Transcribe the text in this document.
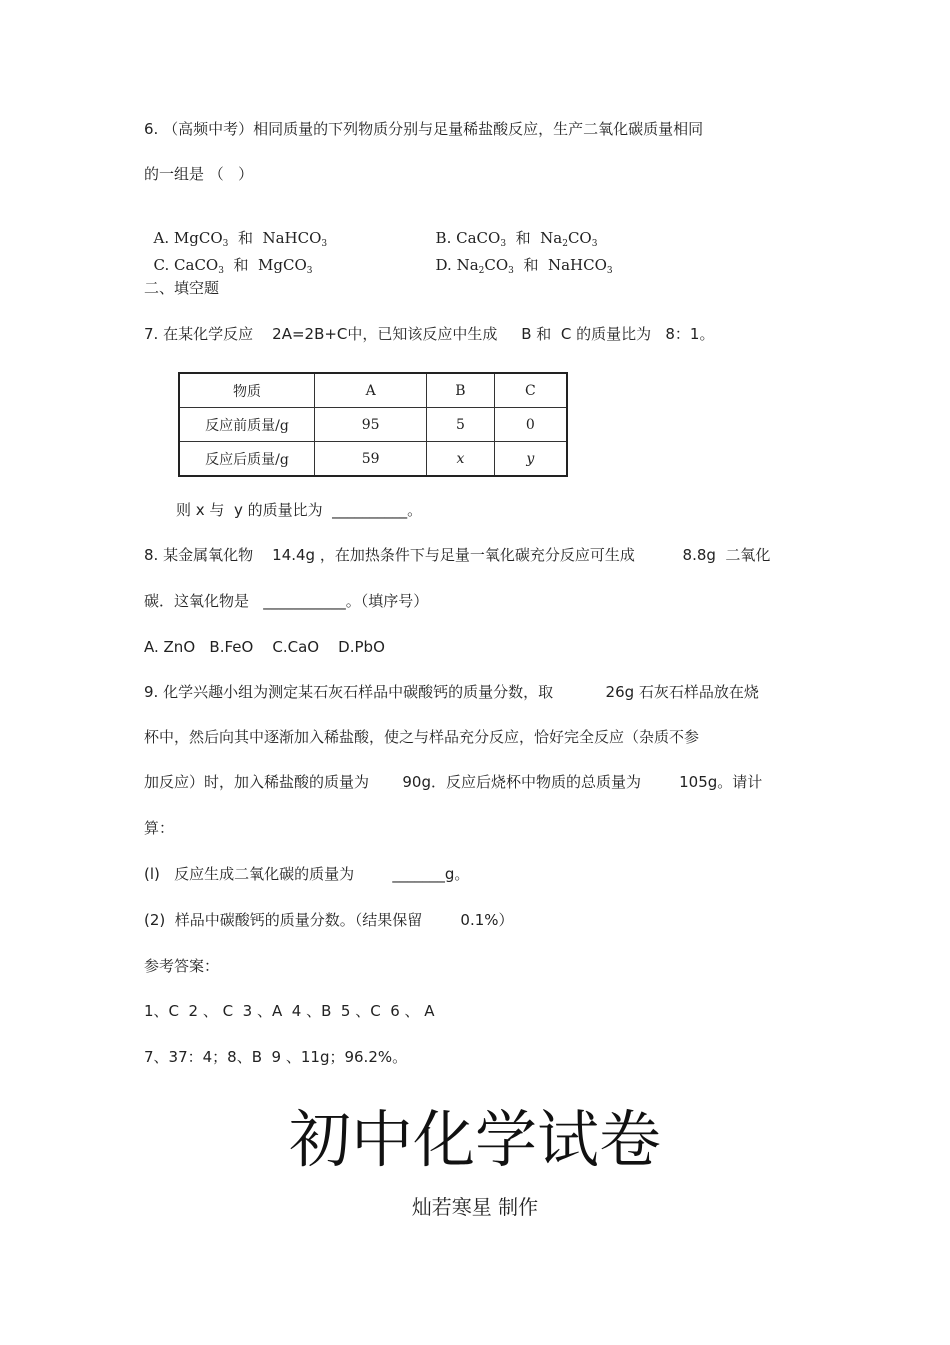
6. （高频中考）相同质量的下列物质分别与足量稀盐酸反应，生产二氧化碳质量相同
的一组是 （   ）

A. MgCO$_3$  和  NaHCO$_3$	B. CaCO$_3$  和  $Na_2CO_3$

C. CaCO$_3$  和  MgCO$_3$	D. $Na_2CO_3$  和  NaHCO$_3$

二、填空题
7. 在某化学反应    2A=2B+C中，已知该反应中生成     B 和  C 的质量比为   8：1。
物质	A	B	C
反应前质量/g	95	5	0
反应后质量/g	59	x	y
则 x 与  y 的质量比为  __________。
8. 某金属氧化物    14.4g ，在加热条件下与足量一氧化碳充分反应可生成          8.8g  二氧化
碳．这氧化物是   ___________。（填序号）
A. ZnO   B.FeO    C.CaO    D.PbO
9. 化学兴趣小组为测定某石灰石样品中碳酸钙的质量分数，取           26g 石灰石样品放在烧
杯中，然后向其中逐渐加入稀盐酸，使之与样品充分反应，恰好完全反应（杂质不参
加反应）时，加入稀盐酸的质量为       90g．反应后烧杯中物质的总质量为        105g。请计
算：
(l)   反应生成二氧化碳的质量为        _______g。
(2)  样品中碳酸钙的质量分数。（结果保留        0.1%）
参考答案：
1、C  2 、 C  3 、A  4 、B  5 、C  6 、 A
7、37：4；8、B  9 、11g；96.2%。
初中化学试卷
灿若寒星 制作
